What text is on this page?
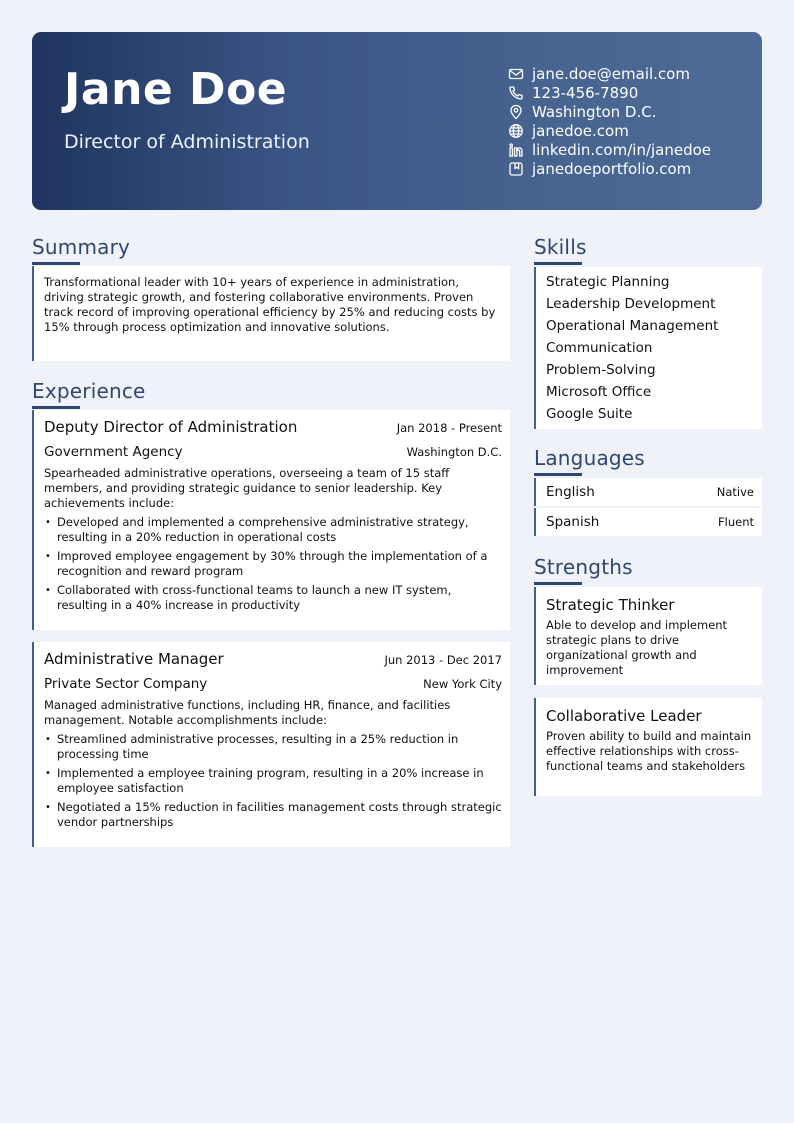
Jane Doe
Director of Administration
jane.doe@email.com
123-456-7890
Washington D.C.
janedoe.com
linkedin.com/in/janedoe
janedoeportfolio.com
Summary
Transformational leader with 10+ years of experience in administration, driving strategic growth, and fostering collaborative environments. Proven track record of improving operational efficiency by 25% and reducing costs by 15% through process optimization and innovative solutions.
Experience
Deputy Director of Administration	Jan 2018 - Present
Government Agency	Washington D.C.
Spearheaded administrative operations, overseeing a team of 15 staff members, and providing strategic guidance to senior leadership. Key achievements include:
• Developed and implemented a comprehensive administrative strategy, resulting in a 20% reduction in operational costs
• Improved employee engagement by 30% through the implementation of a recognition and reward program
• Collaborated with cross-functional teams to launch a new IT system, resulting in a 40% increase in productivity
Administrative Manager	Jun 2013 - Dec 2017
Private Sector Company	New York City
Managed administrative functions, including HR, finance, and facilities management. Notable accomplishments include:
• Streamlined administrative processes, resulting in a 25% reduction in processing time
• Implemented a employee training program, resulting in a 20% increase in employee satisfaction
• Negotiated a 15% reduction in facilities management costs through strategic vendor partnerships
Skills
Strategic Planning
Leadership Development
Operational Management
Communication
Problem-Solving
Microsoft Office
Google Suite
Languages
English	Native
Spanish	Fluent
Strengths
Strategic Thinker
Able to develop and implement strategic plans to drive organizational growth and improvement
Collaborative Leader
Proven ability to build and maintain effective relationships with cross-functional teams and stakeholders
